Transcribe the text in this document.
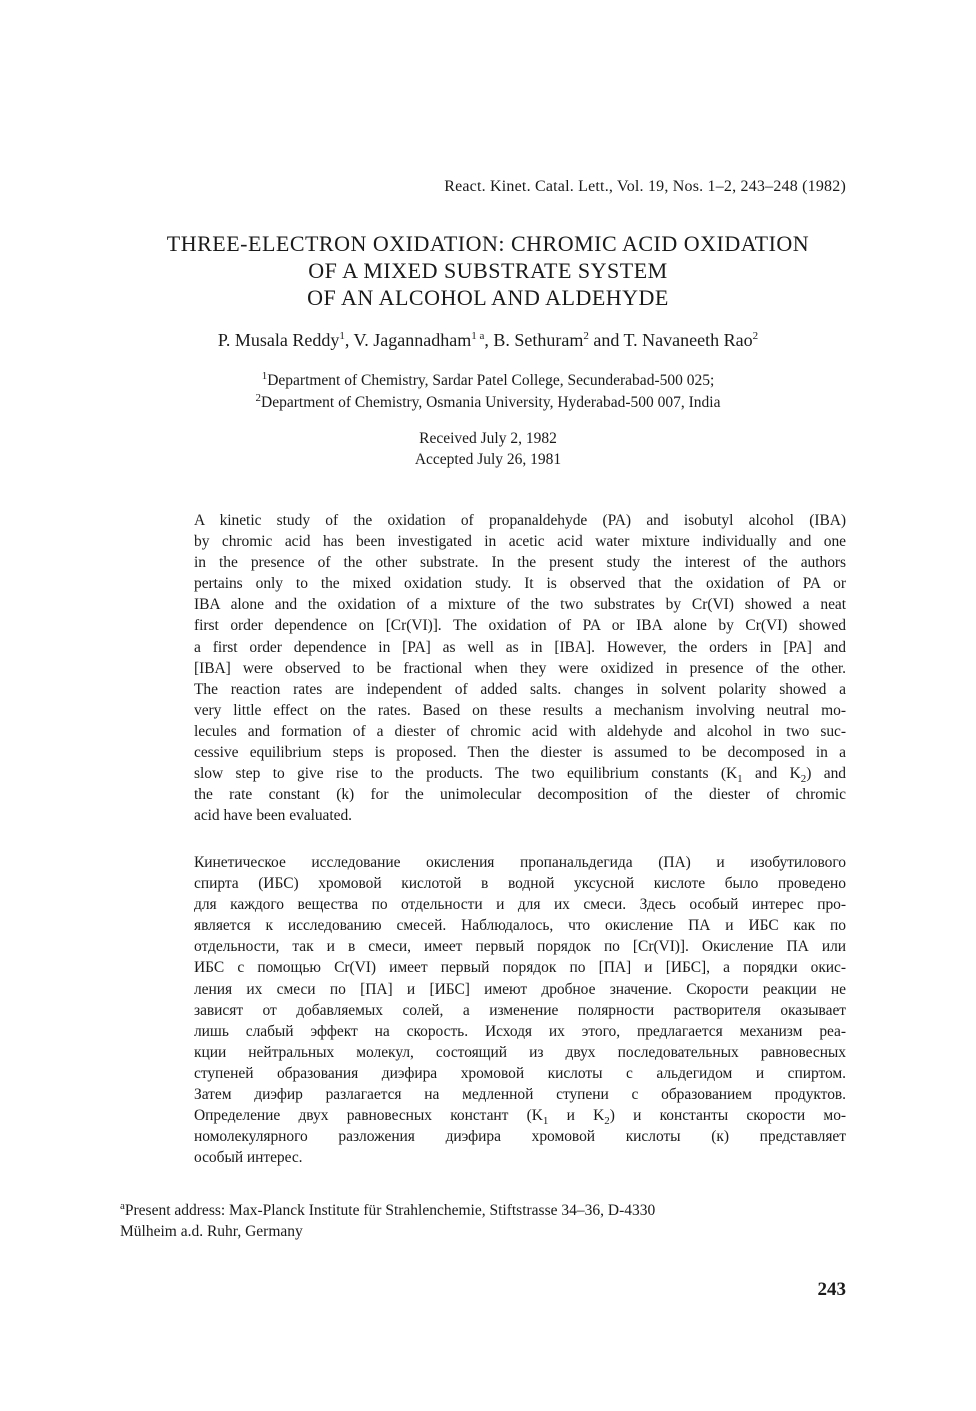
React. Kinet. Catal. Lett., Vol. 19, Nos. 1–2, 243–248 (1982)
THREE-ELECTRON OXIDATION: CHROMIC ACID OXIDATION
OF A MIXED SUBSTRATE SYSTEM
OF AN ALCOHOL AND ALDEHYDE
P. Musala Reddy$^1$, V. Jagannadham$^{1 a}$, B. Sethuram$^2$ and T. Navaneeth Rao$^2$
$^1$Department of Chemistry, Sardar Patel College, Secunderabad-500 025;
$^2$Department of Chemistry, Osmania University, Hyderabad-500 007, India
Received July 2, 1982
Accepted July 26, 1981
A kinetic study of the oxidation of propanaldehyde (PA) and isobutyl alcohol (IBA)
by chromic acid has been investigated in acetic acid water mixture individually and one
in the presence of the other substrate. In the present study the interest of the authors
pertains only to the mixed oxidation study. It is observed that the oxidation of PA or
IBA alone and the oxidation of a mixture of the two substrates by Cr(VI) showed a neat
first order dependence on [Cr(VI)]. The oxidation of PA or IBA alone by Cr(VI) showed
a first order dependence in [PA] as well as in [IBA]. However, the orders in [PA] and
[IBA] were observed to be fractional when they were oxidized in presence of the other.
The reaction rates are independent of added salts. changes in solvent polarity showed a
very little effect on the rates. Based on these results a mechanism involving neutral mo-
lecules and formation of a diester of chromic acid with aldehyde and alcohol in two suc-
cessive equilibrium steps is proposed. Then the diester is assumed to be decomposed in a
slow step to give rise to the products. The two equilibrium constants ($K_1$ and $K_2$) and
the rate constant (k) for the unimolecular decomposition of the diester of chromic
acid have been evaluated.
Кинетическое исследование окисления пропанальдегида (ПА) и изобутилового
спирта (ИБС) хромовой кислотой в водной уксусной кислоте было проведено
для каждого вещества по отдельности и для их смеси. Здесь особый интерес про-
является к исследованию смесей. Наблюдалось, что окисление ПА и ИБС как по
отдельности, так и в смеси, имеет первый порядок по [Cr(VI)]. Окисление ПА или
ИБС с помощью Cr(VI) имеет первый порядок по [ПА] и [ИБС], а порядки окис-
ления их смеси по [ПА] и [ИБС] имеют дробное значение. Скорости реакции не
зависят от добавляемых солей, а изменение полярности растворителя оказывает
лишь слабый эффект на скорость. Исходя их этого, предлагается механизм реа-
кции нейтральных молекул, состоящий из двух последовательных равновесных
ступеней образования диэфира хромовой кислоты с альдегидом и спиртом.
Затем диэфир разлагается на медленной ступени с образованием продуктов.
Определение двух равновесных констант ($K_1$ и $K_2$) и константы скорости мо-
номолекулярного разложения диэфира хромовой кислоты (к) представляет
особый интерес.
$^a$Present address: Max-Planck Institute für Strahlenchemie, Stiftstrasse 34–36, D-4330
Mülheim a.d. Ruhr, Germany
243
